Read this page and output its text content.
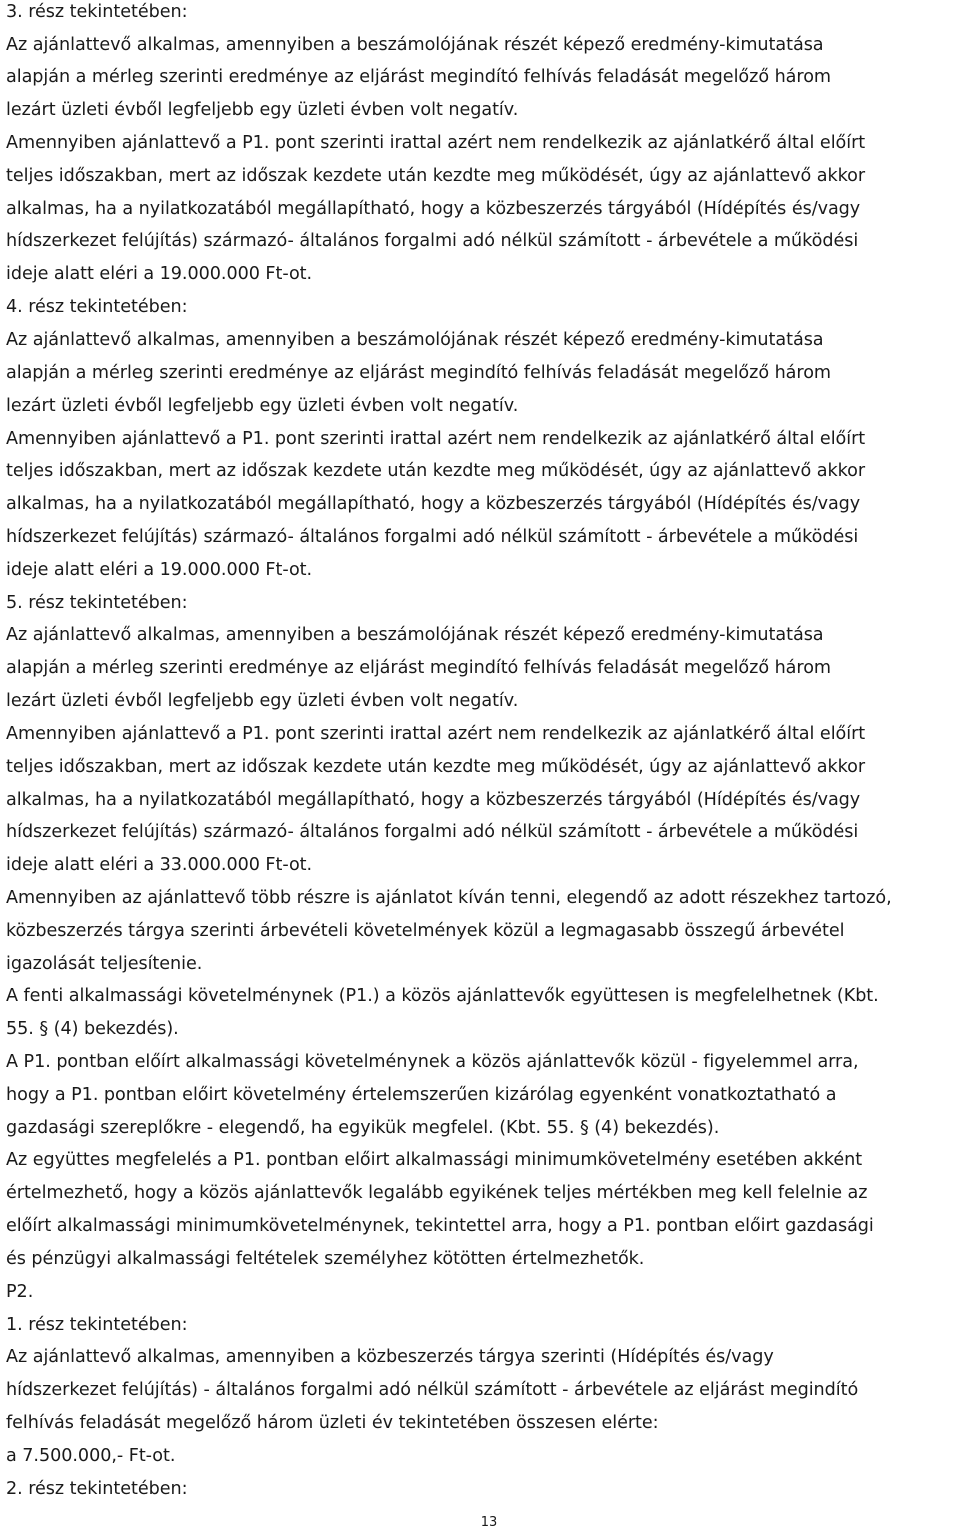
3. rész tekintetében:
Az ajánlattevő alkalmas, amennyiben a beszámolójának részét képező eredmény-kimutatása
alapján a mérleg szerinti eredménye az eljárást megindító felhívás feladását megelőző három
lezárt üzleti évből legfeljebb egy üzleti évben volt negatív.
Amennyiben ajánlattevő a P1. pont szerinti irattal azért nem rendelkezik az ajánlatkérő által előírt
teljes időszakban, mert az időszak kezdete után kezdte meg működését, úgy az ajánlattevő akkor
alkalmas, ha a nyilatkozatából megállapítható, hogy a közbeszerzés tárgyából (Hídépítés és/vagy
hídszerkezet felújítás) származó- általános forgalmi adó nélkül számított - árbevétele a működési
ideje alatt eléri a 19.000.000 Ft-ot.
4. rész tekintetében:
Az ajánlattevő alkalmas, amennyiben a beszámolójának részét képező eredmény-kimutatása
alapján a mérleg szerinti eredménye az eljárást megindító felhívás feladását megelőző három
lezárt üzleti évből legfeljebb egy üzleti évben volt negatív.
Amennyiben ajánlattevő a P1. pont szerinti irattal azért nem rendelkezik az ajánlatkérő által előírt
teljes időszakban, mert az időszak kezdete után kezdte meg működését, úgy az ajánlattevő akkor
alkalmas, ha a nyilatkozatából megállapítható, hogy a közbeszerzés tárgyából (Hídépítés és/vagy
hídszerkezet felújítás) származó- általános forgalmi adó nélkül számított - árbevétele a működési
ideje alatt eléri a 19.000.000 Ft-ot.
5. rész tekintetében:
Az ajánlattevő alkalmas, amennyiben a beszámolójának részét képező eredmény-kimutatása
alapján a mérleg szerinti eredménye az eljárást megindító felhívás feladását megelőző három
lezárt üzleti évből legfeljebb egy üzleti évben volt negatív.
Amennyiben ajánlattevő a P1. pont szerinti irattal azért nem rendelkezik az ajánlatkérő által előírt
teljes időszakban, mert az időszak kezdete után kezdte meg működését, úgy az ajánlattevő akkor
alkalmas, ha a nyilatkozatából megállapítható, hogy a közbeszerzés tárgyából (Hídépítés és/vagy
hídszerkezet felújítás) származó- általános forgalmi adó nélkül számított - árbevétele a működési
ideje alatt eléri a 33.000.000 Ft-ot.
Amennyiben az ajánlattevő több részre is ajánlatot kíván tenni, elegendő az adott részekhez tartozó,
közbeszerzés tárgya szerinti árbevételi követelmények közül a legmagasabb összegű árbevétel
igazolását teljesítenie.
A fenti alkalmassági követelménynek (P1.) a közös ajánlattevők együttesen is megfelelhetnek (Kbt.
55. § (4) bekezdés).
A P1. pontban előírt alkalmassági követelménynek a közös ajánlattevők közül - figyelemmel arra,
hogy a P1. pontban előirt követelmény értelemszerűen kizárólag egyenként vonatkoztatható a
gazdasági szereplőkre - elegendő, ha egyikük megfelel. (Kbt. 55. § (4) bekezdés).
Az együttes megfelelés a P1. pontban előirt alkalmassági minimumkövetelmény esetében akként
értelmezhető, hogy a közös ajánlattevők legalább egyikének teljes mértékben meg kell felelnie az
előírt alkalmassági minimumkövetelménynek, tekintettel arra, hogy a P1. pontban előirt gazdasági
és pénzügyi alkalmassági feltételek személyhez kötötten értelmezhetők.
P2.
1. rész tekintetében:
Az ajánlattevő alkalmas, amennyiben a közbeszerzés tárgya szerinti (Hídépítés és/vagy
hídszerkezet felújítás) - általános forgalmi adó nélkül számított - árbevétele az eljárást megindító
felhívás feladását megelőző három üzleti év tekintetében összesen elérte:
a 7.500.000,- Ft-ot.
2. rész tekintetében:
13
